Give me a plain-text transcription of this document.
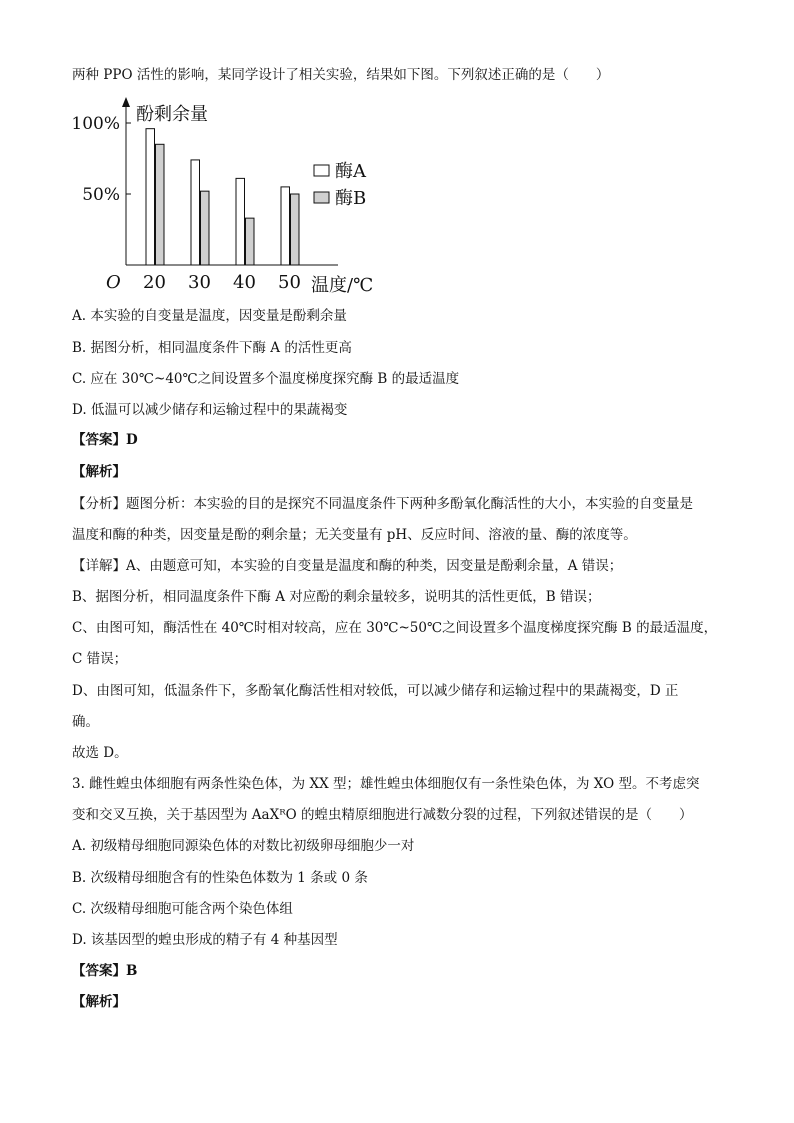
两种 PPO 活性的影响，某同学设计了相关实验，结果如下图。下列叙述正确的是（　　）
酚剩余量
50%
100%
O 20 30 40 50 温度/℃
酶A
酶B
A. 本实验的自变量是温度，因变量是酚剩余量
B. 据图分析，相同温度条件下酶 A 的活性更高
C. 应在 30℃~40℃之间设置多个温度梯度探究酶 B 的最适温度
D. 低温可以减少储存和运输过程中的果蔬褐变
【答案】D
【解析】
【分析】题图分析：本实验的目的是探究不同温度条件下两种多酚氧化酶活性的大小，本实验的自变量是
温度和酶的种类，因变量是酚的剩余量；无关变量有 pH、反应时间、溶液的量、酶的浓度等。
【详解】A、由题意可知，本实验的自变量是温度和酶的种类，因变量是酚剩余量，A 错误；
B、据图分析，相同温度条件下酶 A 对应酚的剩余量较多，说明其的活性更低，B 错误；
C、由图可知，酶活性在 40℃时相对较高，应在 30℃~50℃之间设置多个温度梯度探究酶 B 的最适温度，
C 错误；
D、由图可知，低温条件下，多酚氧化酶活性相对较低，可以减少储存和运输过程中的果蔬褐变，D 正
确。
故选 D。
3. 雌性蝗虫体细胞有两条性染色体，为 XX 型；雄性蝗虫体细胞仅有一条性染色体，为 XO 型。不考虑突
变和交叉互换，关于基因型为 AaXᴿO 的蝗虫精原细胞进行减数分裂的过程，下列叙述错误的是（　　）
A. 初级精母细胞同源染色体的对数比初级卵母细胞少一对
B. 次级精母细胞含有的性染色体数为 1 条或 0 条
C. 次级精母细胞可能含两个染色体组
D. 该基因型的蝗虫形成的精子有 4 种基因型
【答案】B
【解析】
